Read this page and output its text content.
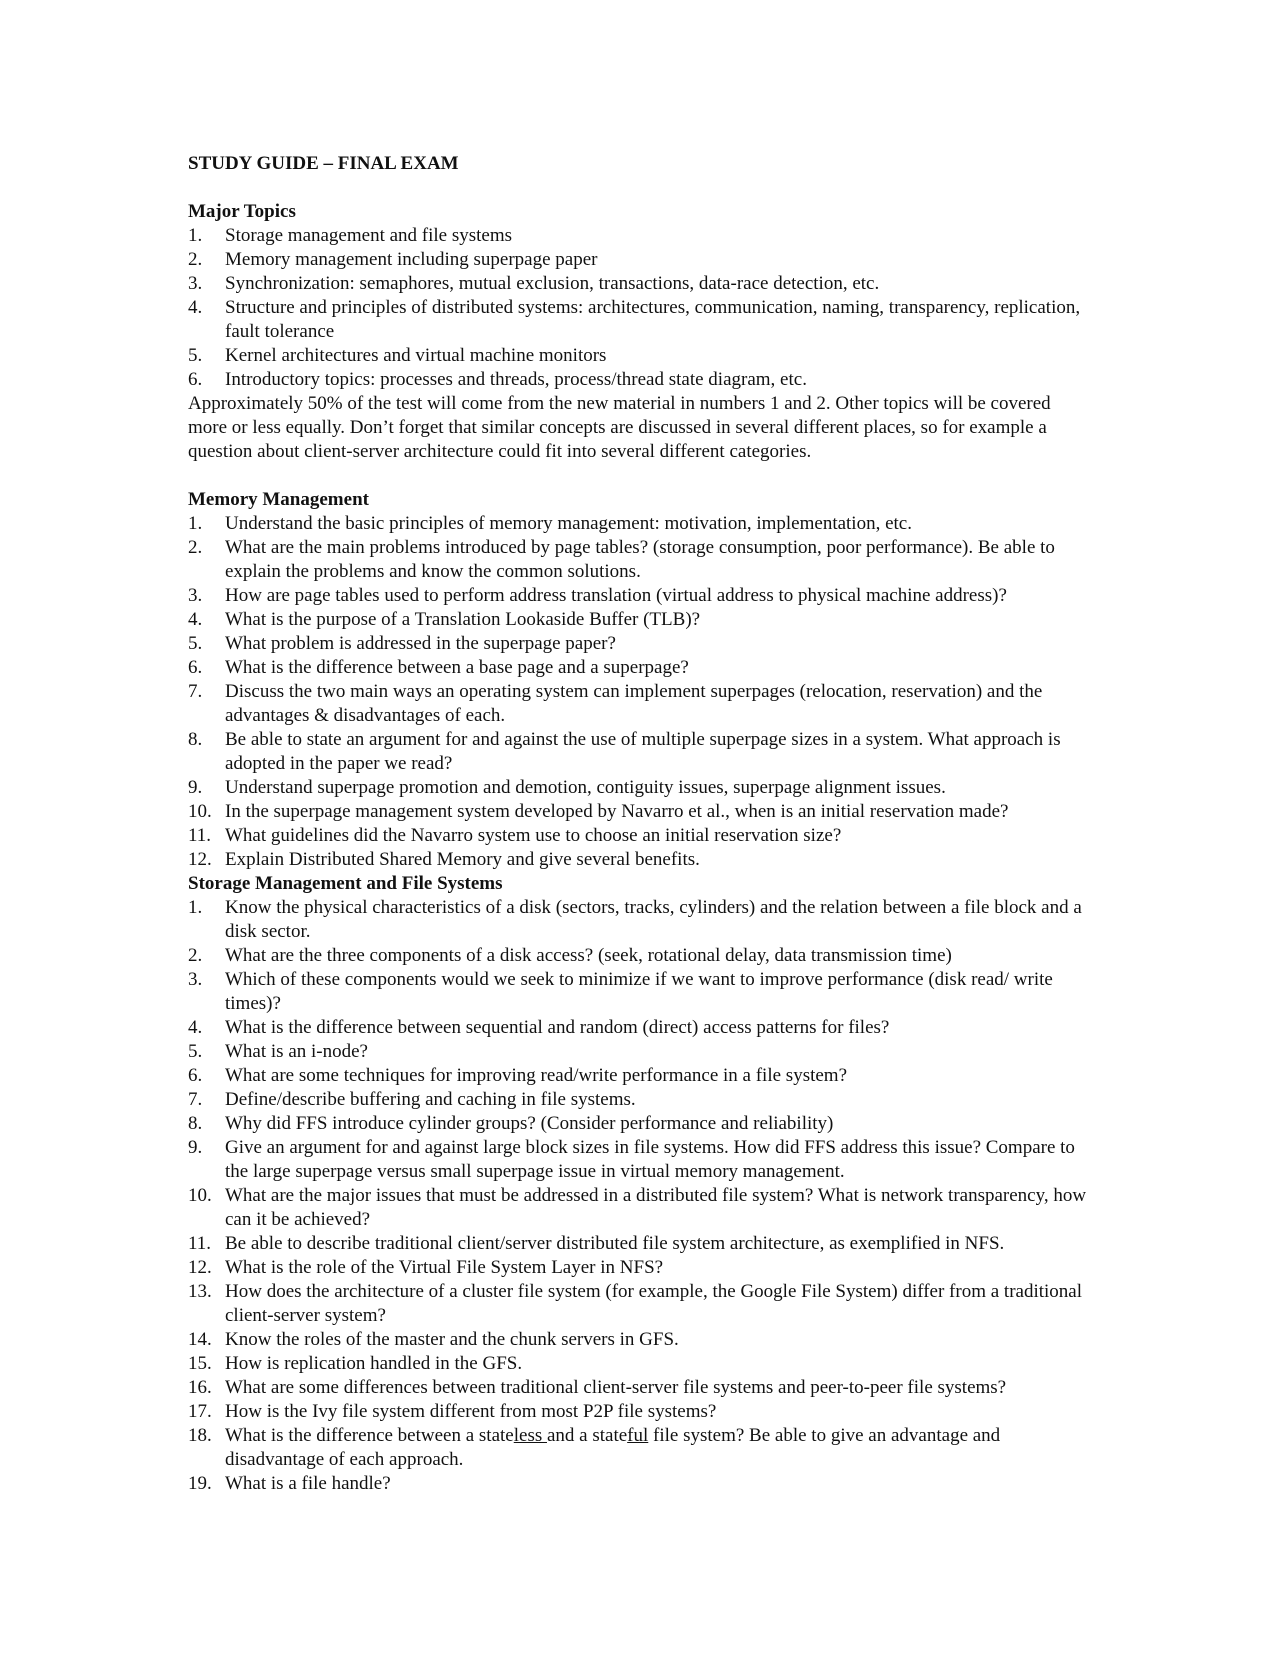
STUDY GUIDE – FINAL EXAM
Major Topics
1. Storage management and file systems
2. Memory management including superpage paper
3. Synchronization: semaphores, mutual exclusion, transactions, data-race detection, etc.
4. Structure and principles of distributed systems: architectures, communication, naming, transparency, replication, fault tolerance
5. Kernel architectures and virtual machine monitors
6. Introductory topics: processes and threads, process/thread state diagram, etc.

Approximately 50% of the test will come from the new material in numbers 1 and 2. Other topics will be covered more or less equally. Don’t forget that similar concepts are discussed in several different places, so for example a question about client-server architecture could fit into several different categories.

Memory Management
1. Understand the basic principles of memory management: motivation, implementation, etc.
2. What are the main problems introduced by page tables? (storage consumption, poor performance). Be able to explain the problems and know the common solutions.
3. How are page tables used to perform address translation (virtual address to physical machine address)?
4. What is the purpose of a Translation Lookaside Buffer (TLB)?
5. What problem is addressed in the superpage paper?
6. What is the difference between a base page and a superpage?
7. Discuss the two main ways an operating system can implement superpages (relocation, reservation) and the advantages & disadvantages of each.
8. Be able to state an argument for and against the use of multiple superpage sizes in a system. What approach is adopted in the paper we read?
9. Understand superpage promotion and demotion, contiguity issues, superpage alignment issues.
10. In the superpage management system developed by Navarro et al., when is an initial reservation made?
11. What guidelines did the Navarro system use to choose an initial reservation size?
12. Explain Distributed Shared Memory and give several benefits.
Storage Management and File Systems
1. Know the physical characteristics of a disk (sectors, tracks, cylinders) and the relation between a file block and a disk sector.
2. What are the three components of a disk access? (seek, rotational delay, data transmission time)
3. Which of these components would we seek to minimize if we want to improve performance (disk read/ write times)?
4. What is the difference between sequential and random (direct) access patterns for files?
5. What is an i-node?
6. What are some techniques for improving read/write performance in a file system?
7. Define/describe buffering and caching in file systems.
8. Why did FFS introduce cylinder groups? (Consider performance and reliability)
9. Give an argument for and against large block sizes in file systems. How did FFS address this issue? Compare to the large superpage versus small superpage issue in virtual memory management.
10. What are the major issues that must be addressed in a distributed file system? What is network transparency, how can it be achieved?
11. Be able to describe traditional client/server distributed file system architecture, as exemplified in NFS.
12. What is the role of the Virtual File System Layer in NFS?
13. How does the architecture of a cluster file system (for example, the Google File System) differ from a traditional client-server system?
14. Know the roles of the master and the chunk servers in GFS.
15. How is replication handled in the GFS.
16. What are some differences between traditional client-server file systems and peer-to-peer file systems?
17. How is the Ivy file system different from most P2P file systems?
18. What is the difference between a stateless and a stateful file system? Be able to give an advantage and disadvantage of each approach.
19. What is a file handle?
